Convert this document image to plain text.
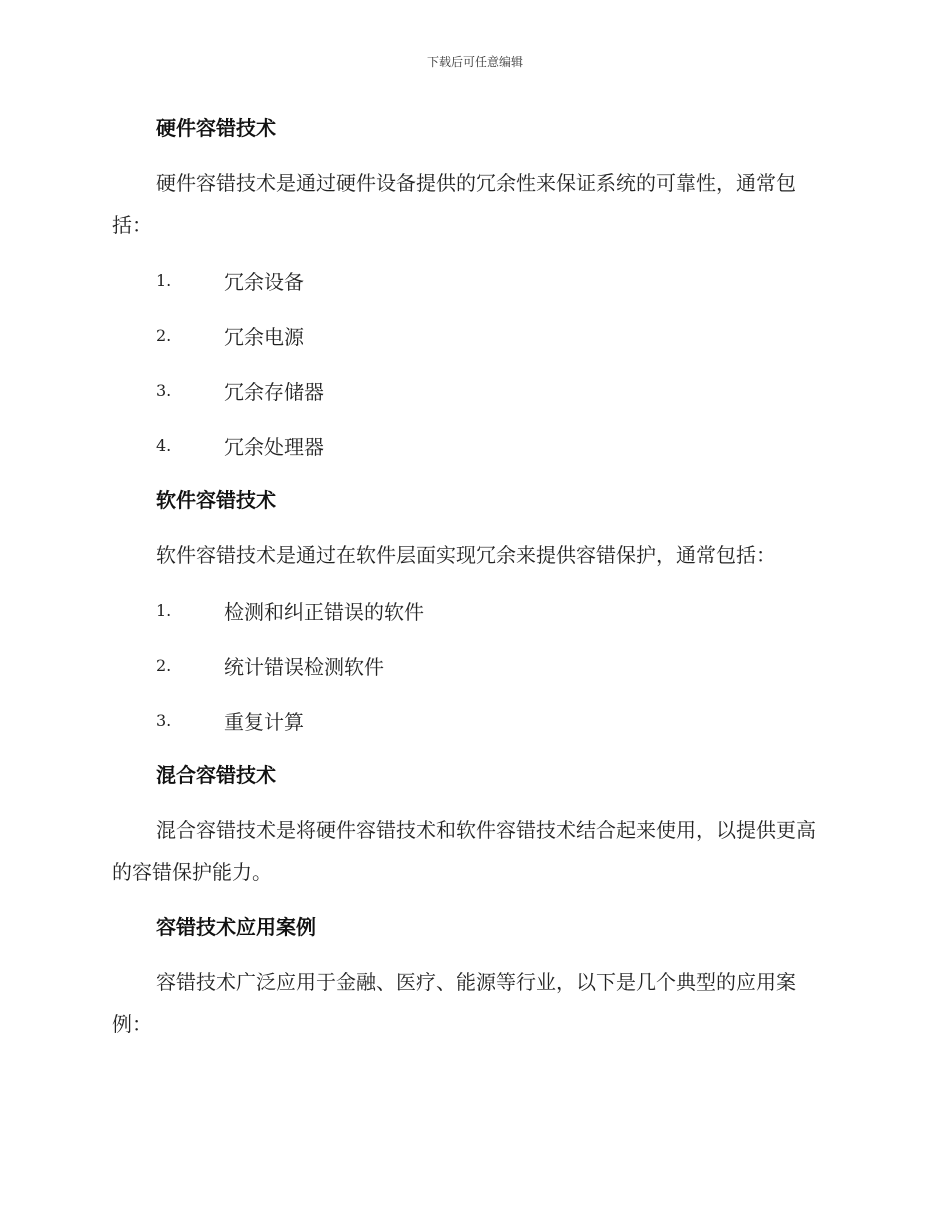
下载后可任意编辑
硬件容错技术

硬件容错技术是通过硬件设备提供的冗余性来保证系统的可靠性，通常包括：

1.	冗余设备
2.	冗余电源
3.	冗余存储器
4.	冗余处理器
软件容错技术

软件容错技术是通过在软件层面实现冗余来提供容错保护，通常包括：

1.	检测和纠正错误的软件
2.	统计错误检测软件
3.	重复计算
混合容错技术

混合容错技术是将硬件容错技术和软件容错技术结合起来使用，以提供更高的容错保护能力。

容错技术应用案例

容错技术广泛应用于金融、医疗、能源等行业，以下是几个典型的应用案例：
